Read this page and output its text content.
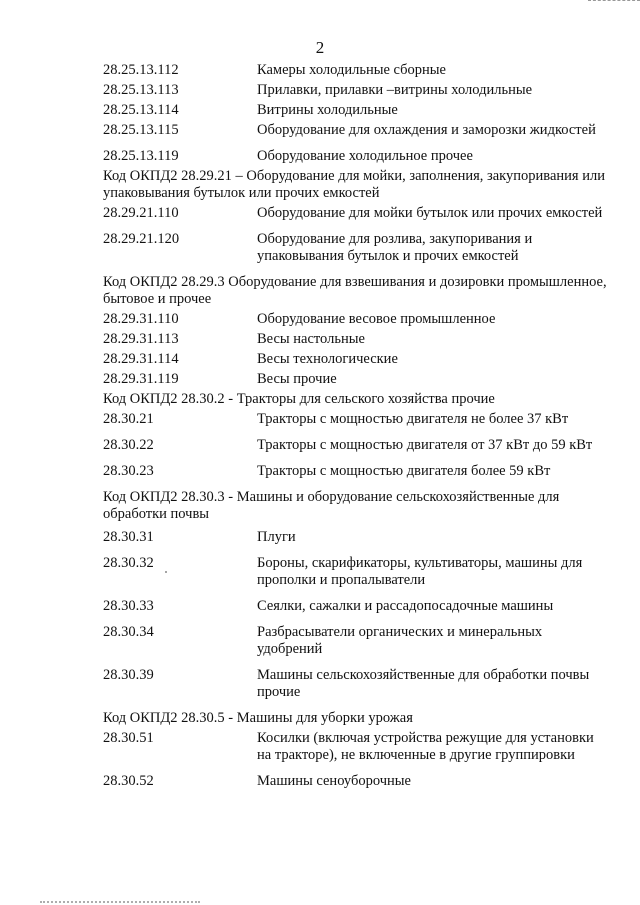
2
28.25.13.112	Камеры холодильные сборные
28.25.13.113	Прилавки, прилавки –витрины холодильные
28.25.13.114	Витрины холодильные
28.25.13.115	Оборудование для охлаждения и заморозки жидкостей
28.25.13.119	Оборудование холодильное прочее
Код ОКПД2 28.29.21 – Оборудование для мойки, заполнения, закупоривания или упаковывания бутылок или прочих емкостей
28.29.21.110	Оборудование для мойки бутылок или прочих емкостей
28.29.21.120	Оборудование для розлива, закупоривания и упаковывания бутылок и прочих емкостей
Код ОКПД2 28.29.3 Оборудование для взвешивания и дозировки промышленное, бытовое и прочее
28.29.31.110	Оборудование весовое промышленное
28.29.31.113	Весы настольные
28.29.31.114	Весы технологические
28.29.31.119	Весы прочие
Код ОКПД2 28.30.2 - Тракторы для сельского хозяйства прочие
28.30.21	Тракторы с мощностью двигателя не более 37 кВт
28.30.22	Тракторы с мощностью двигателя от 37 кВт до 59 кВт
28.30.23	Тракторы с мощностью двигателя более 59 кВт
Код ОКПД2 28.30.3 - Машины и оборудование сельскохозяйственные для обработки почвы
28.30.31	Плуги
28.30.32	Бороны, скарификаторы, культиваторы, машины для прополки и пропалыватели
28.30.33	Сеялки, сажалки и рассадопосадочные машины
28.30.34	Разбрасыватели органических и минеральных удобрений
28.30.39	Машины сельскохозяйственные для обработки почвы прочие
Код ОКПД2 28.30.5 - Машины для уборки урожая
28.30.51	Косилки (включая устройства режущие для установки на тракторе), не включенные в другие группировки
28.30.52	Машины сеноуборочные
